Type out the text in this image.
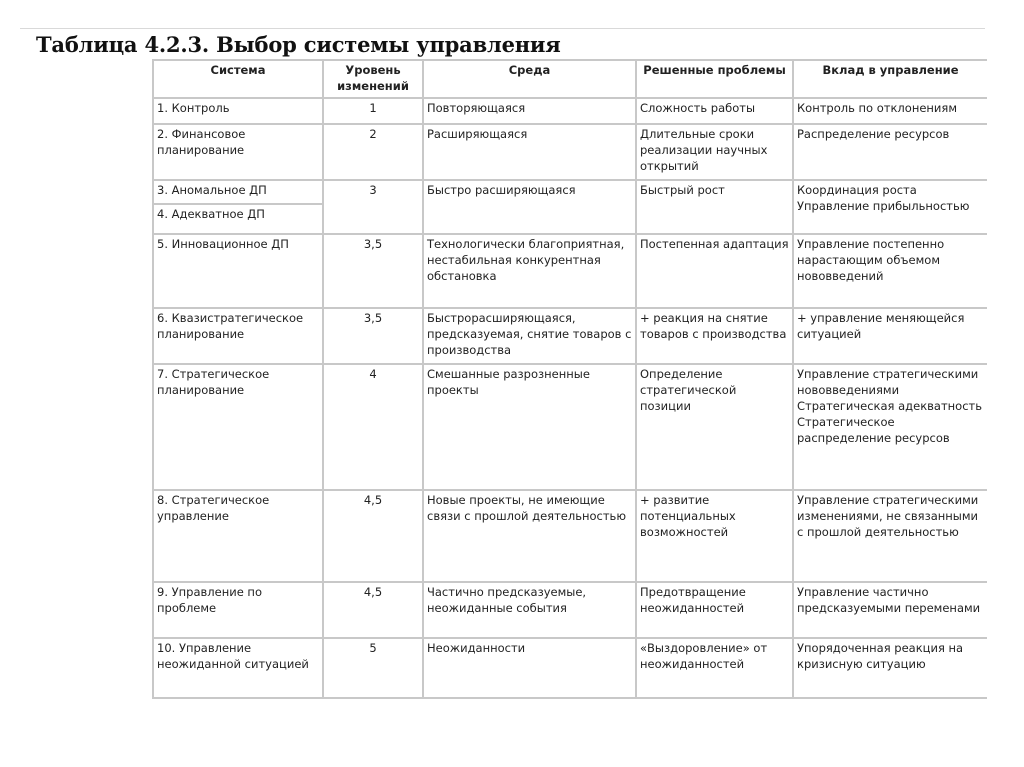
Таблица 4.2.3. Выбор системы управления
Система	Уровень изменений	Среда	Решенные проблемы	Вклад в управление
1. Контроль	1	Повторяющаяся	Сложность работы	Контроль по отклонениям
2. Финансовое планирование	2	Расширяющаяся	Длительные сроки реализации научных открытий	Распределение ресурсов
3. Аномальное ДП	3	Быстро расширяющаяся	Быстрый рост	Координация роста Управление прибыльностью
4. Адекватное ДП				
5. Инновационное ДП	3,5	Технологически благоприятная, нестабильная конкурентная обстановка	Постепенная адаптация	Управление постепенно нарастающим объемом нововведений
6. Квазистратегическое планирование	3,5	Быстрорасширяющаяся, предсказуемая, снятие товаров с производства	+ реакция на снятие товаров с производства	+ управление меняющейся ситуацией
7. Стратегическое планирование	4	Смешанные разрозненные проекты	Определение стратегической позиции	Управление стратегическими нововведениями Стратегическая адекватность Стратегическое распределение ресурсов
8. Стратегическое управление	4,5	Новые проекты, не имеющие связи с прошлой деятельностью	+ развитие потенциальных возможностей	Управление стратегическими изменениями, не связанными с прошлой деятельностью
9. Управление по проблеме	4,5	Частично предсказуемые, неожиданные события	Предотвращение неожиданностей	Управление частично предсказуемыми переменами
10. Управление неожиданной ситуацией	5	Неожиданности	«Выздоровление» от неожиданностей	Упорядоченная реакция на кризисную ситуацию
